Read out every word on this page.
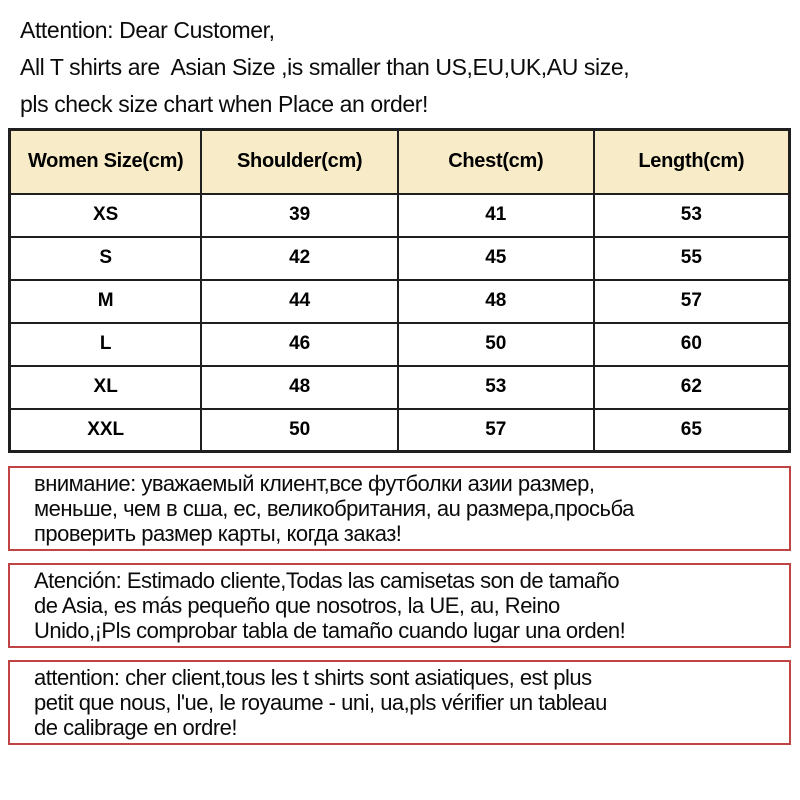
Attention: Dear Customer,
All T shirts are  Asian Size ,is smaller than US,EU,UK,AU size,
pls check size chart when Place an order!
Women Size(cm)	Shoulder(cm)	Chest(cm)	Length(cm)
XS	39	41	53
S	42	45	55
M	44	48	57
L	46	50	60
XL	48	53	62
XXL	50	57	65
внимание: уважаемый клиент,все футболки азии размер,
меньше, чем в сша, ес, великобритания, au размера,просьба
проверить размер карты, когда заказ!
Atención: Estimado cliente,Todas las camisetas son de tamaño
de Asia, es más pequeño que nosotros, la UE, au, Reino
Unido,¡Pls comprobar tabla de tamaño cuando lugar una orden!
attention: cher client,tous les t shirts sont asiatiques, est plus
petit que nous, l'ue, le royaume - uni, ua,pls vérifier un tableau
de calibrage en ordre!
